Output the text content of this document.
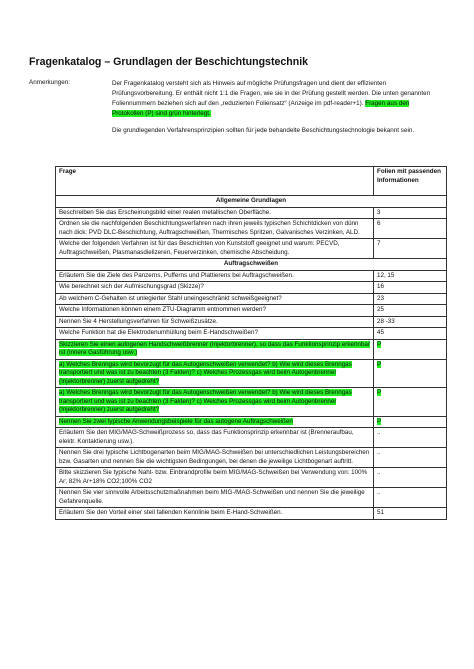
Fragenkatalog – Grundlagen der Beschichtungstechnik
Anmerkungen:	Der Fragenkatalog versteht sich als Hinweis auf mögliche Prüfungsfragen und dient der effizienten Prüfungsvorbereitung. Er enthält nicht 1:1 die Fragen, wie sie in der Prüfung gestellt werden. Die unten genannten Foliennummern beziehen sich auf den „reduzierten Foliensatz“ (Anzeige im pdf-reader+1). Fragen aus den Protokollen (P) sind grün hinterlegt.

Die grundlegenden Verfahrensprinzipien sollten für jede behandelte Beschichtungstechnologie bekannt sein.

Frage	Folien mit passenden Informationen
Allgemeine Grundlagen	
Beschreiben Sie das Erscheinungsbild einer realen metallischen Oberfläche.	3
Ordnen sie die nachfolgenden Beschichtungsverfahren nach ihren jeweils typischen Schichtdicken von dünn nach dick: PVD DLC-Beschichtung, Auftragschweißen, Thermisches Spritzen, Galvanisches Verzinken, ALD.	6
Welche der folgenden Verfahren ist für das Beschichten von Kunststoff geeignet und warum: PECVD, Auftragschweißen, Plasmanasdielizeren, Feuerverzinken, chemische Abscheidung.	7
Auftragschweißen	
Erläutern Sie die Ziele des Panzerns, Pufferns und Plattierens bei Auftragschweißen.	12, 15
Wie berechnet sich der Aufmischungsgrad (Skizze)?	16
Ab welchem C-Gehalten ist unlegierter Stahl uneingeschränkt schweißgeeignet?	23
Welche Informationen können einem ZTU-Diagramm entnommen werden?	25
Nennen Sie 4 Herstellungsverfahren für Schweißzusätze.	28 -33
Welche Funktion hat die Elektrodenumhüllung beim E-Handschweißen?	45
Skizzieren Sie einen autogenen Handschweißbrenner (Injektorbrenner), so dass das Funktionsprinzip erkennbar ist (innere Gasführung usw.)	P
a) Welches Brenngas wird bevorzugt für das Autogenschweißen verwendet? b) Wie wird dieses Brenngas transportiert und was ist zu beachten (3 Fakten)? c) Welches Prozessgas wird beim Autogenbrenner (Injektorbrenner) zuerst aufgedreht?	P
a) Welches Brenngas wird bevorzugt für das Autogenschweißen verwendet? b) Wie wird dieses Brenngas transportiert und was ist zu beachten (3 Fakten)? c) Welches Prozessgas wird beim Autogenbrenner (Injektorbrenner) zuerst aufgedreht?	P
Nennen Sie zwei typische Anwendungsbeispiele für das autogene Auftragschweißen	P
Erläutern Sie den MIG/MAG-Schweißprozess so, dass das Funktionsprinzip erkennbar ist (Brenneraufbau, elektr. Kontaktierung usw.).	..
Nennen Sie drei typische Lichtbogenarten beim MIG/MAG-Schweißen bei unterschiedlichen Leistungsbereichen bzw. Gasarten und nennen Sie die wichtigsten Bedingungen, bei denen die jeweilige Lichtbogenart auftritt.	..
Bitte skizzieren Sie typische Naht- bzw. Einbrandprofile beim MIG/MAG-Schweißen bei Verwendung von: 100% Ar; 82% Ar+18% CO2;100% CO2	..
Nennen Sie vier sinnvolle Arbeitsschutzmaßnahmen beim MIG-/MAG-Schweißen und nennen Sie die jeweilige Gefahrenquelle.	..
Erläutern Sie den Vorteil einer steil fallenden Kennlinie beim E-Hand-Schweißen.	51
